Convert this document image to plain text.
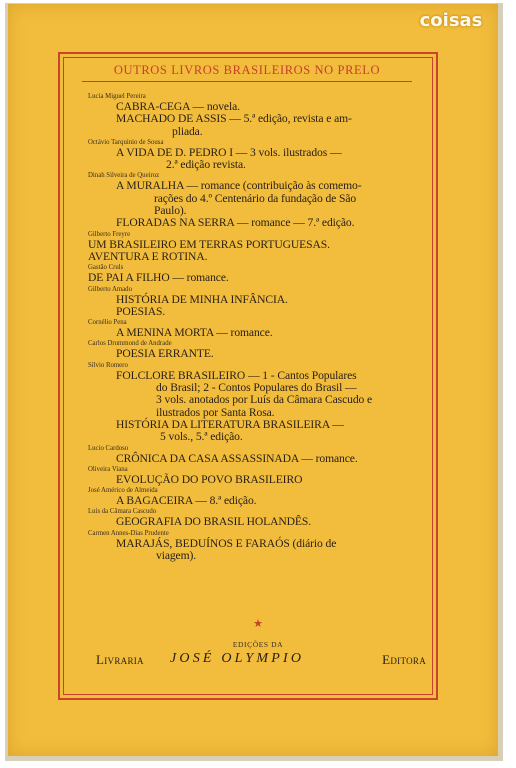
coisas
OUTROS LIVROS BRASILEIROS NO PRELO
Lucia Miguel Pereira
CABRA-CEGA — novela.
MACHADO DE ASSIS — 5.ª edição, revista e am-
pliada.
Octávio Tarquinio de Sousa
A VIDA DE D. PEDRO I — 3 vols. ilustrados —
2.ª edição revista.
Dinah Silveira de Queiroz
A MURALHA — romance (contribuição às comemo-
rações do 4.º Centenário da fundação de São
Paulo).
FLORADAS NA SERRA — romance — 7.ª edição.
Gilberto Freyre
UM BRASILEIRO EM TERRAS PORTUGUESAS.
AVENTURA E ROTINA.
Gastão Cruls
DE PAI A FILHO — romance.
Gilberto Amado
HISTÓRIA DE MINHA INFÂNCIA.
POESIAS.
Cornélio Pena
A MENINA MORTA — romance.
Carlos Drummond de Andrade
POESIA ERRANTE.
Sílvio Romero
FOLCLORE BRASILEIRO — 1 - Cantos Populares
do Brasil; 2 - Contos Populares do Brasil —
3 vols. anotados por Luís da Câmara Cascudo e
ilustrados por Santa Rosa.
HISTÓRIA DA LITERATURA BRASILEIRA —
5 vols., 5.ª edição.
Lucio Cardoso
CRÔNICA DA CASA ASSASSINADA — romance.
Oliveira Viana
EVOLUÇÃO DO POVO BRASILEIRO
José Américo de Almeida
A BAGACEIRA — 8.ª edição.
Luís da Câmara Cascudo
GEOGRAFIA DO BRASIL HOLANDÊS.
Carmen Annes-Dias Prudente
MARAJÁS, BEDUÍNOS E FARAÓS (diário de
viagem).
★
EDIÇÕES DA
Livraria JOSÉ OLYMPIO	Editora
